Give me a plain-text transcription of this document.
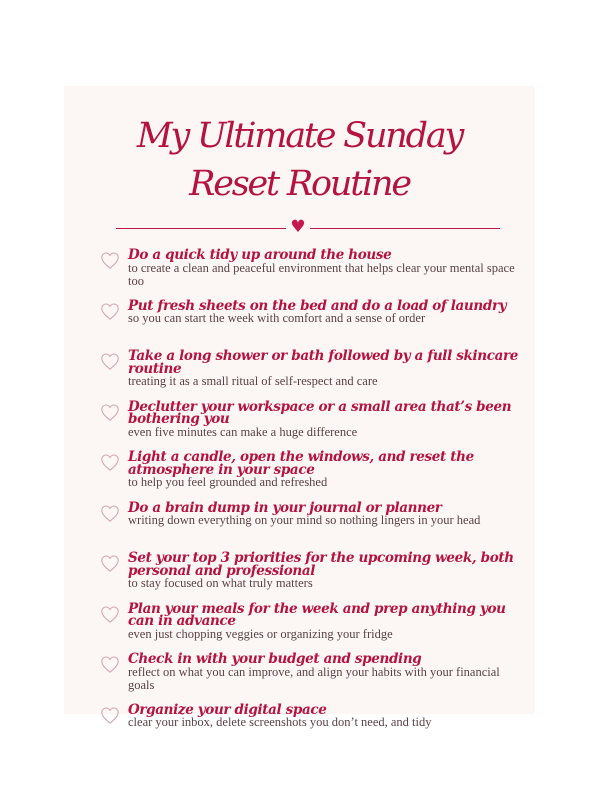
My Ultimate Sunday
Reset Routine
♥
Do a quick tidy up around the house
to create a clean and peaceful environment that helps clear your mental space too
Put fresh sheets on the bed and do a load of laundry
so you can start the week with comfort and a sense of order
Take a long shower or bath followed by a full skincare routine
treating it as a small ritual of self-respect and care
Declutter your workspace or a small area that’s been bothering you
even five minutes can make a huge difference
Light a candle, open the windows, and reset the atmosphere in your space
to help you feel grounded and refreshed
Do a brain dump in your journal or planner
writing down everything on your mind so nothing lingers in your head
Set your top 3 priorities for the upcoming week, both personal and professional
to stay focused on what truly matters
Plan your meals for the week and prep anything you can in advance
even just chopping veggies or organizing your fridge
Check in with your budget and spending
reflect on what you can improve, and align your habits with your financial goals
Organize your digital space
clear your inbox, delete screenshots you don’t need, and tidy
